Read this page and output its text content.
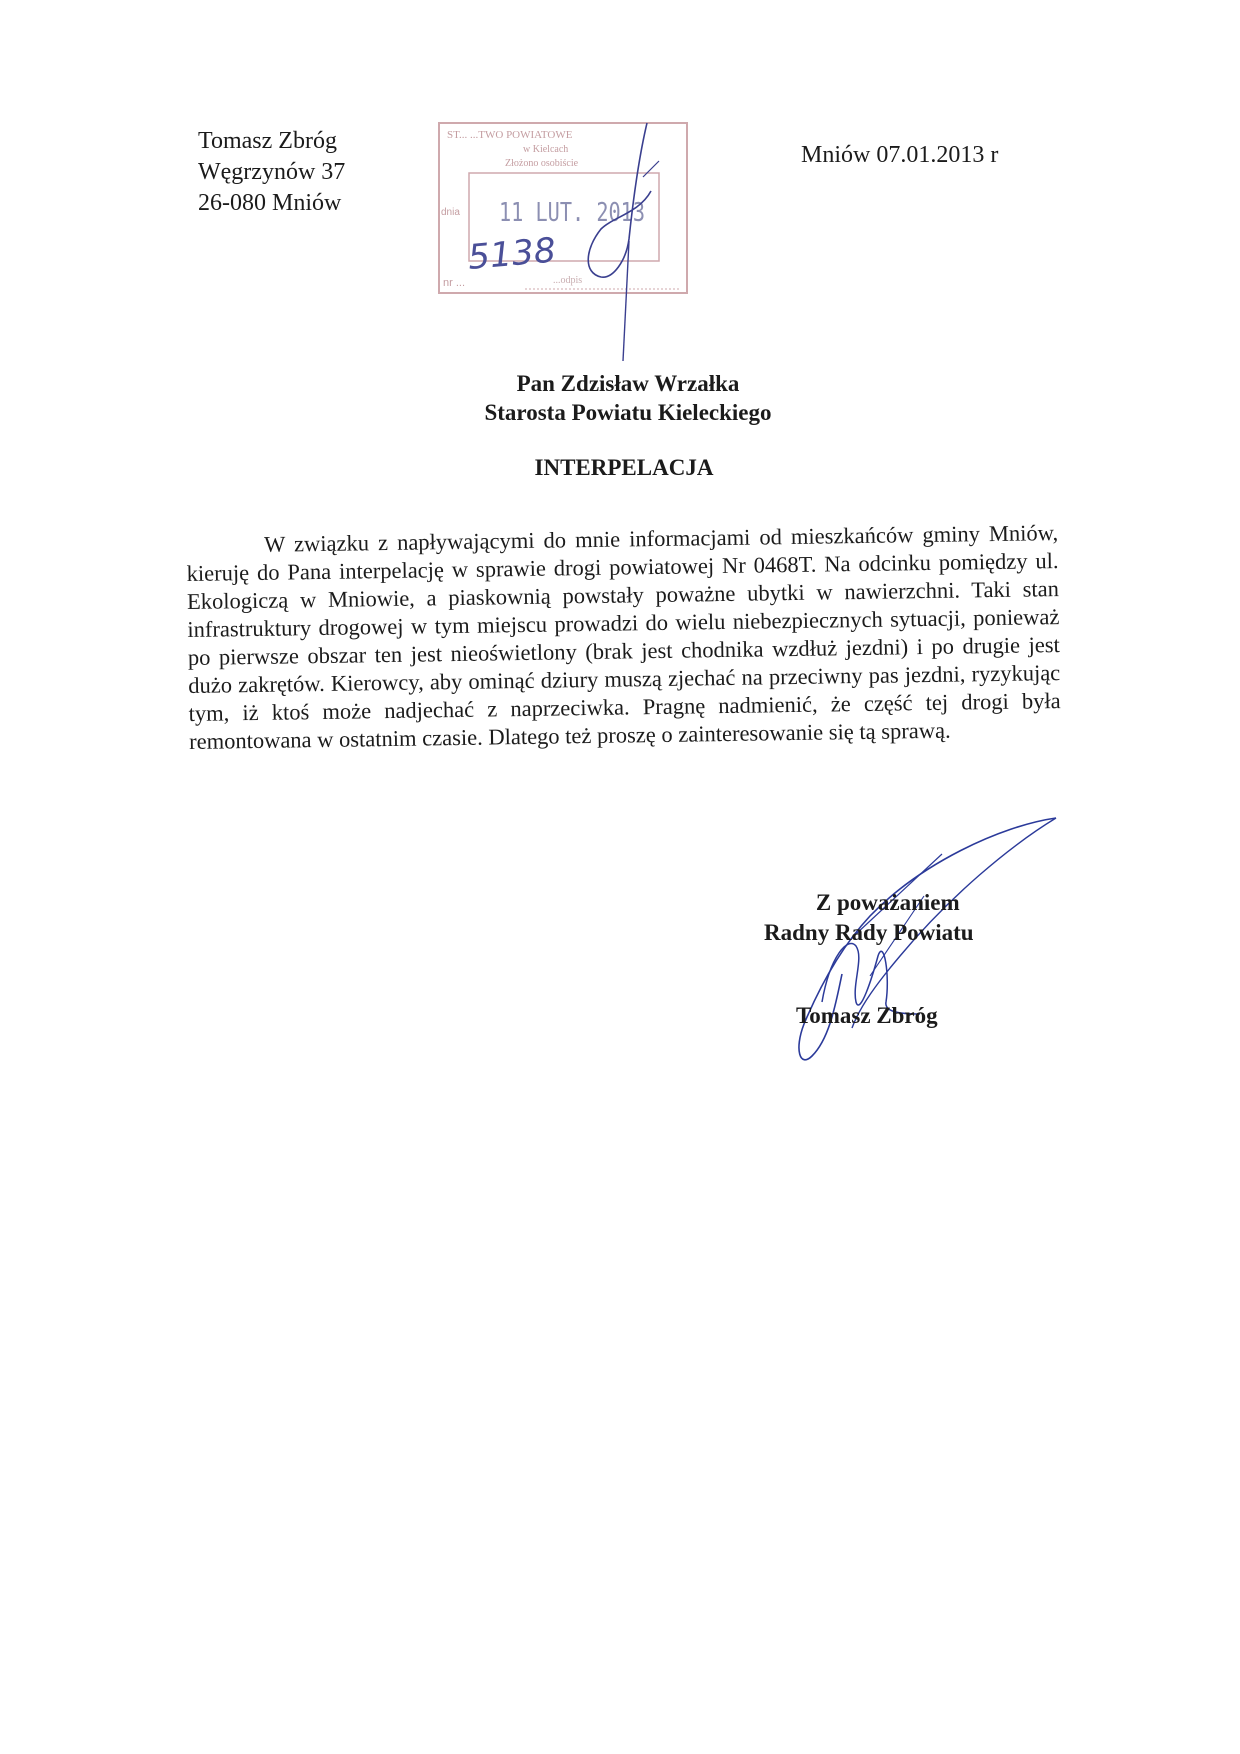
Tomasz Zbróg
Węgrzynów 37
26-080 Mniów
Mniów 07.01.2013 r
ST... ...TWO POWIATOWE
w Kielcach
Złożono osobiście
dnia 11 LUT. 2013
nr ...
5138
...odpis
Pan Zdzisław Wrzałka
Starosta Powiatu Kieleckiego
INTERPELACJA
W związku z napływającymi do mnie informacjami od mieszkańców gminy Mniów, kieruję do Pana interpelację w sprawie drogi powiatowej Nr 0468T. Na odcinku pomiędzy ul. Ekologiczą w Mniowie, a piaskownią powstały poważne ubytki w nawierzchni. Taki stan infrastruktury drogowej w tym miejscu prowadzi do wielu niebezpiecznych sytuacji, ponieważ po pierwsze obszar ten jest nieoświetlony (brak jest chodnika wzdłuż jezdni) i po drugie jest dużo zakrętów. Kierowcy, aby ominąć dziury muszą zjechać na przeciwny pas jezdni, ryzykując tym, iż ktoś może nadjechać z naprzeciwka. Pragnę nadmienić, że część tej drogi była remontowana w ostatnim czasie. Dlatego też proszę o zainteresowanie się tą sprawą.
Z poważaniem
Radny Rady Powiatu
Tomasz Zbróg
